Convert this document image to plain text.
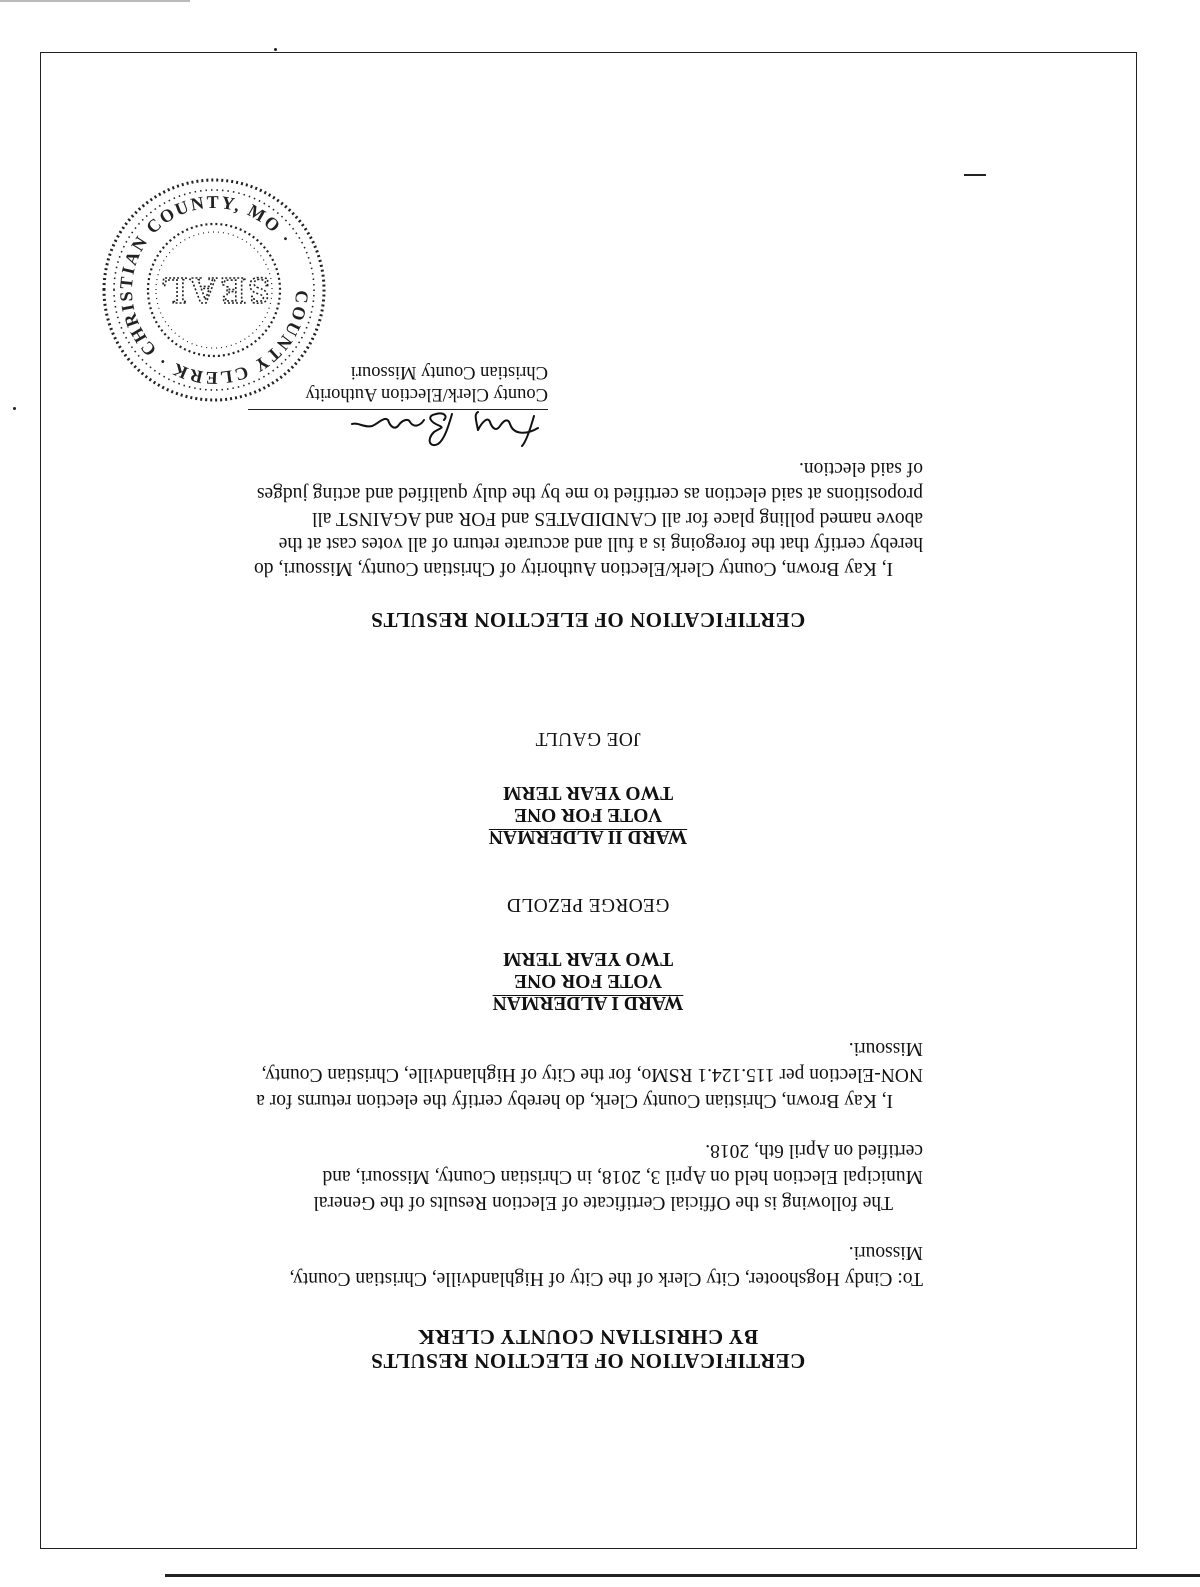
CERTIFICATION OF ELECTION RESULTS
BY CHRISTIAN COUNTY CLERK
To: Cindy Hogshooter, City Clerk of the City of Highlandville, Christian County, Missouri.
The following is the Official Certificate of Election Results of the General Municipal Election held on April 3, 2018, in Christian County, Missouri, and certified on April 6th, 2018.
I, Kay Brown, Christian County Clerk, do hereby certify the election returns for a NON-Election per 115.124.1 RSMo, for the City of Highlandville, Christian County, Missouri.
WARD I ALDERMAN
VOTE FOR ONE
TWO YEAR TERM
GEORGE PEZOLD
WARD II ALDERMAN
VOTE FOR ONE
TWO YEAR TERM
JOE GAULT
CERTIFICATION OF ELECTION RESULTS
I, Kay Brown, County Clerk/Election Authority of Christian County, Missouri, do hereby certify that the foregoing is a full and accurate return of all votes cast at the above named polling place for all CANDIDATES and FOR and AGAINST all propositions at said election as certified to me by the duly qualified and acting judges of said election.
County Clerk/Election Authority
Christian County Missouri
COUNTY CLERK · CHRISTIAN COUNTY, MO ·
SEAL
